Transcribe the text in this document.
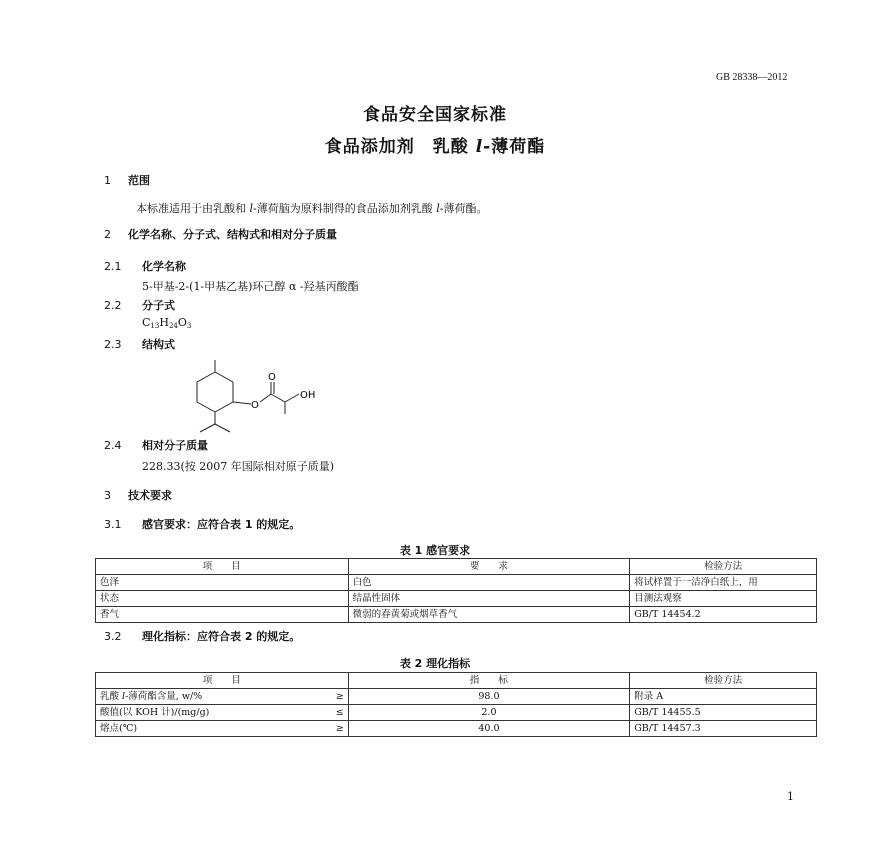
GB 28338—2012
食品安全国家标准
食品添加剂　乳酸 l-薄荷酯
1 范围
本标准适用于由乳酸和 l-薄荷脑为原料制得的食品添加剂乳酸 l-薄荷酯。
2 化学名称、分子式、结构式和相对分子质量
2.1 化学名称
5-甲基-2-(1-甲基乙基)环己醇 α -羟基丙酸酯
2.2 分子式
$C_{13}H_{24}O_3$
2.3 结构式
O
O
OH
2.4 相对分子质量
228.33(按 2007 年国际相对原子质量)
3 技术要求
3.1 感官要求：应符合表 1 的规定。
表 1 感官要求
项　　目	要　　求	检验方法
色泽	白色	将试样置于一洁净白纸上，用
状态	结晶性固体	目测法观察
香气	微弱的春黄菊或烟草香气	GB/T 14454.2
3.2 理化指标：应符合表 2 的规定。
表 2 理化指标
项　　目	指　　标	检验方法
乳酸 l-薄荷酯含量, w/% ≥	98.0	附录 A
酸值(以 KOH 计)/(mg/g) ≤	2.0	GB/T 14455.5
熔点(℃) ≥	40.0	GB/T 14457.3
1
